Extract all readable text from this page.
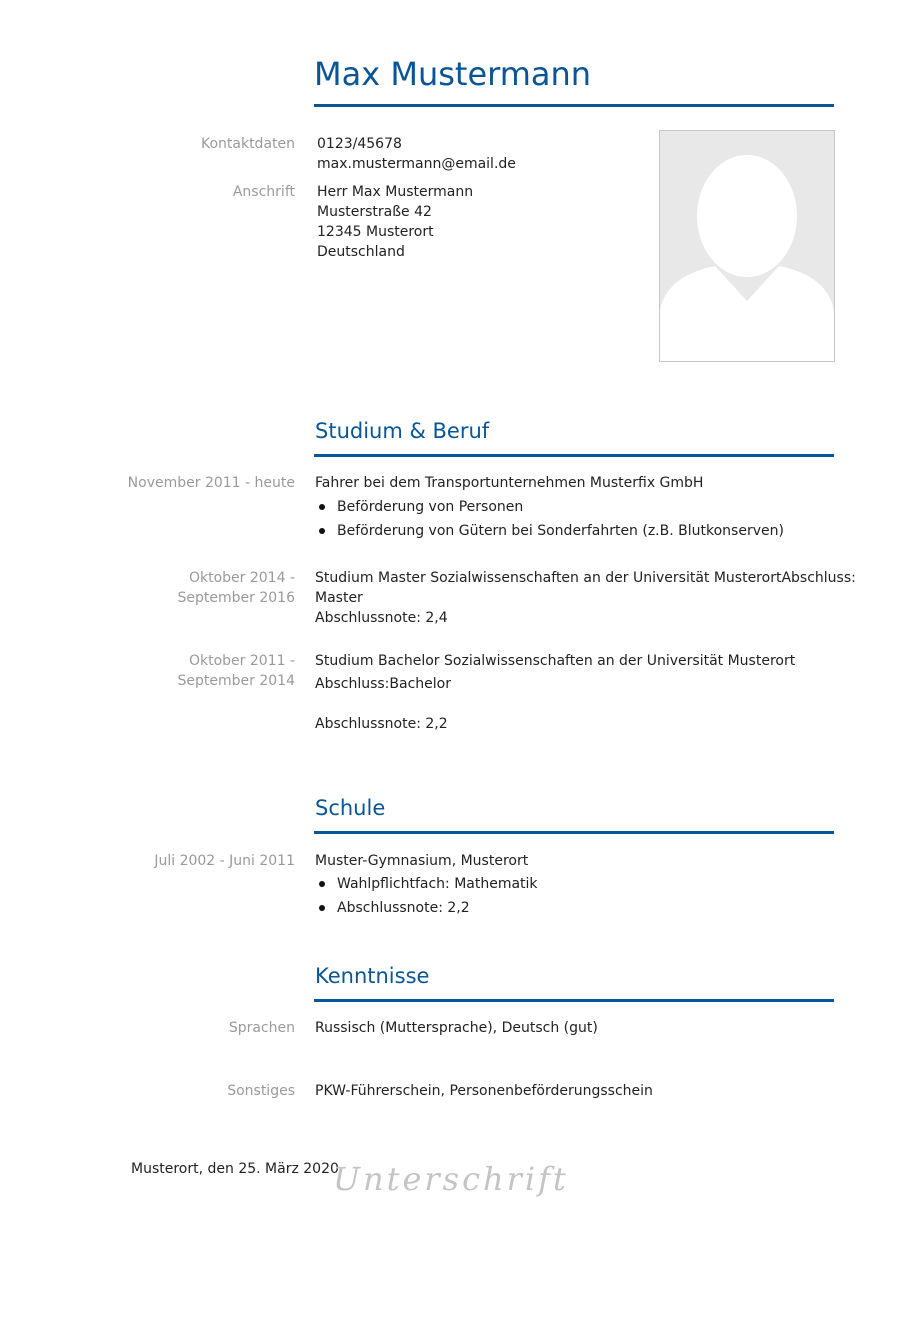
Max Mustermann
Kontaktdaten 0123/45678
max.mustermann@email.de
Anschrift Herr Max Mustermann
Musterstraße 42
12345 Musterort
Deutschland
Studium & Beruf
November 2011 - heute Fahrer bei dem Transportunternehmen Musterfix GmbH
Beförderung von Personen
Beförderung von Gütern bei Sonderfahrten (z.B. Blutkonserven)
Oktober 2014 - September 2016
Studium Master Sozialwissenschaften an der Universität MusterortAbschluss:
Master
Abschlussnote: 2,4
Oktober 2011 - September 2014
Studium Bachelor Sozialwissenschaften an der Universität Musterort
Abschluss:Bachelor
Abschlussnote: 2,2
Schule
Juli 2002 - Juni 2011 Muster-Gymnasium, Musterort
Wahlpflichtfach: Mathematik
Abschlussnote: 2,2
Kenntnisse
Sprachen Russisch (Muttersprache), Deutsch (gut)
Sonstiges PKW-Führerschein, Personenbeförderungsschein
Musterort, den 25. März 2020
Unterschrift
